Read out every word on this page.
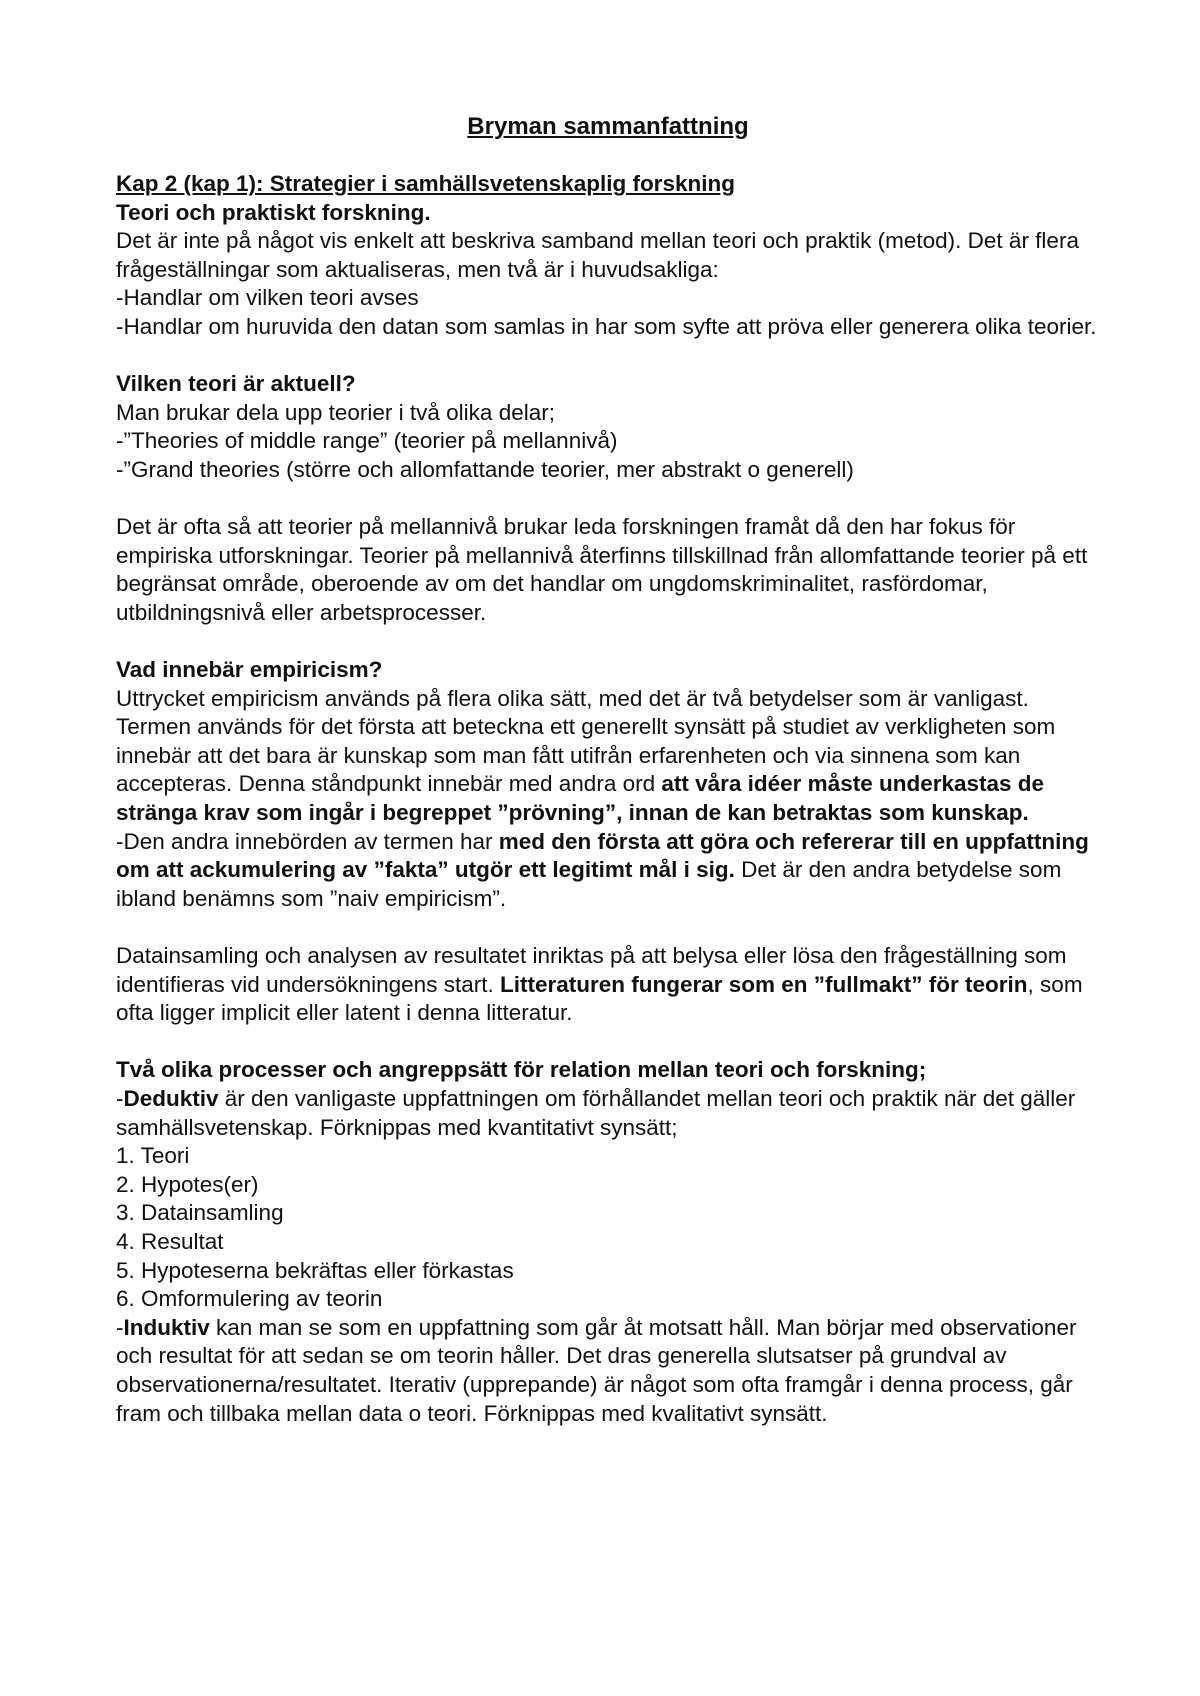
Bryman sammanfattning

Kap 2 (kap 1): Strategier i samhällsvetenskaplig forskning

Teori och praktiskt forskning.

Det är inte på något vis enkelt att beskriva samband mellan teori och praktik (metod). Det är flera frågeställningar som aktualiseras, men två är i huvudsakliga:

-Handlar om vilken teori avses

-Handlar om huruvida den datan som samlas in har som syfte att pröva eller generera olika teorier.

Vilken teori är aktuell?

Man brukar dela upp teorier i två olika delar;

-”Theories of middle range” (teorier på mellannivå)

-”Grand theories (större och allomfattande teorier, mer abstrakt o generell)

Det är ofta så att teorier på mellannivå brukar leda forskningen framåt då den har fokus för empiriska utforskningar. Teorier på mellannivå återfinns tillskillnad från allomfattande teorier på ett begränsat område, oberoende av om det handlar om ungdomskriminalitet, rasfördomar, utbildningsnivå eller arbetsprocesser.

Vad innebär empiricism?

Uttrycket empiricism används på flera olika sätt, med det är två betydelser som är vanligast. Termen används för det första att beteckna ett generellt synsätt på studiet av verkligheten som innebär att det bara är kunskap som man fått utifrån erfarenheten och via sinnena som kan accepteras. Denna ståndpunkt innebär med andra ord att våra idéer måste underkastas de stränga krav som ingår i begreppet ”prövning”, innan de kan betraktas som kunskap.

-Den andra innebörden av termen har med den första att göra och refererar till en uppfattning om att ackumulering av ”fakta” utgör ett legitimt mål i sig. Det är den andra betydelse som ibland benämns som ”naiv empiricism”.

Datainsamling och analysen av resultatet inriktas på att belysa eller lösa den frågeställning som identifieras vid undersökningens start. Litteraturen fungerar som en ”fullmakt” för teorin, som ofta ligger implicit eller latent i denna litteratur.

Två olika processer och angreppsätt för relation mellan teori och forskning;

-Deduktiv är den vanligaste uppfattningen om förhållandet mellan teori och praktik när det gäller samhällsvetenskap. Förknippas med kvantitativt synsätt;

1. Teori

2. Hypotes(er)

3. Datainsamling

4. Resultat

5. Hypoteserna bekräftas eller förkastas

6. Omformulering av teorin

-Induktiv kan man se som en uppfattning som går åt motsatt håll. Man börjar med observationer och resultat för att sedan se om teorin håller. Det dras generella slutsatser på grundval av observationerna/resultatet. Iterativ (upprepande) är något som ofta framgår i denna process, går fram och tillbaka mellan data o teori. Förknippas med kvalitativt synsätt.
